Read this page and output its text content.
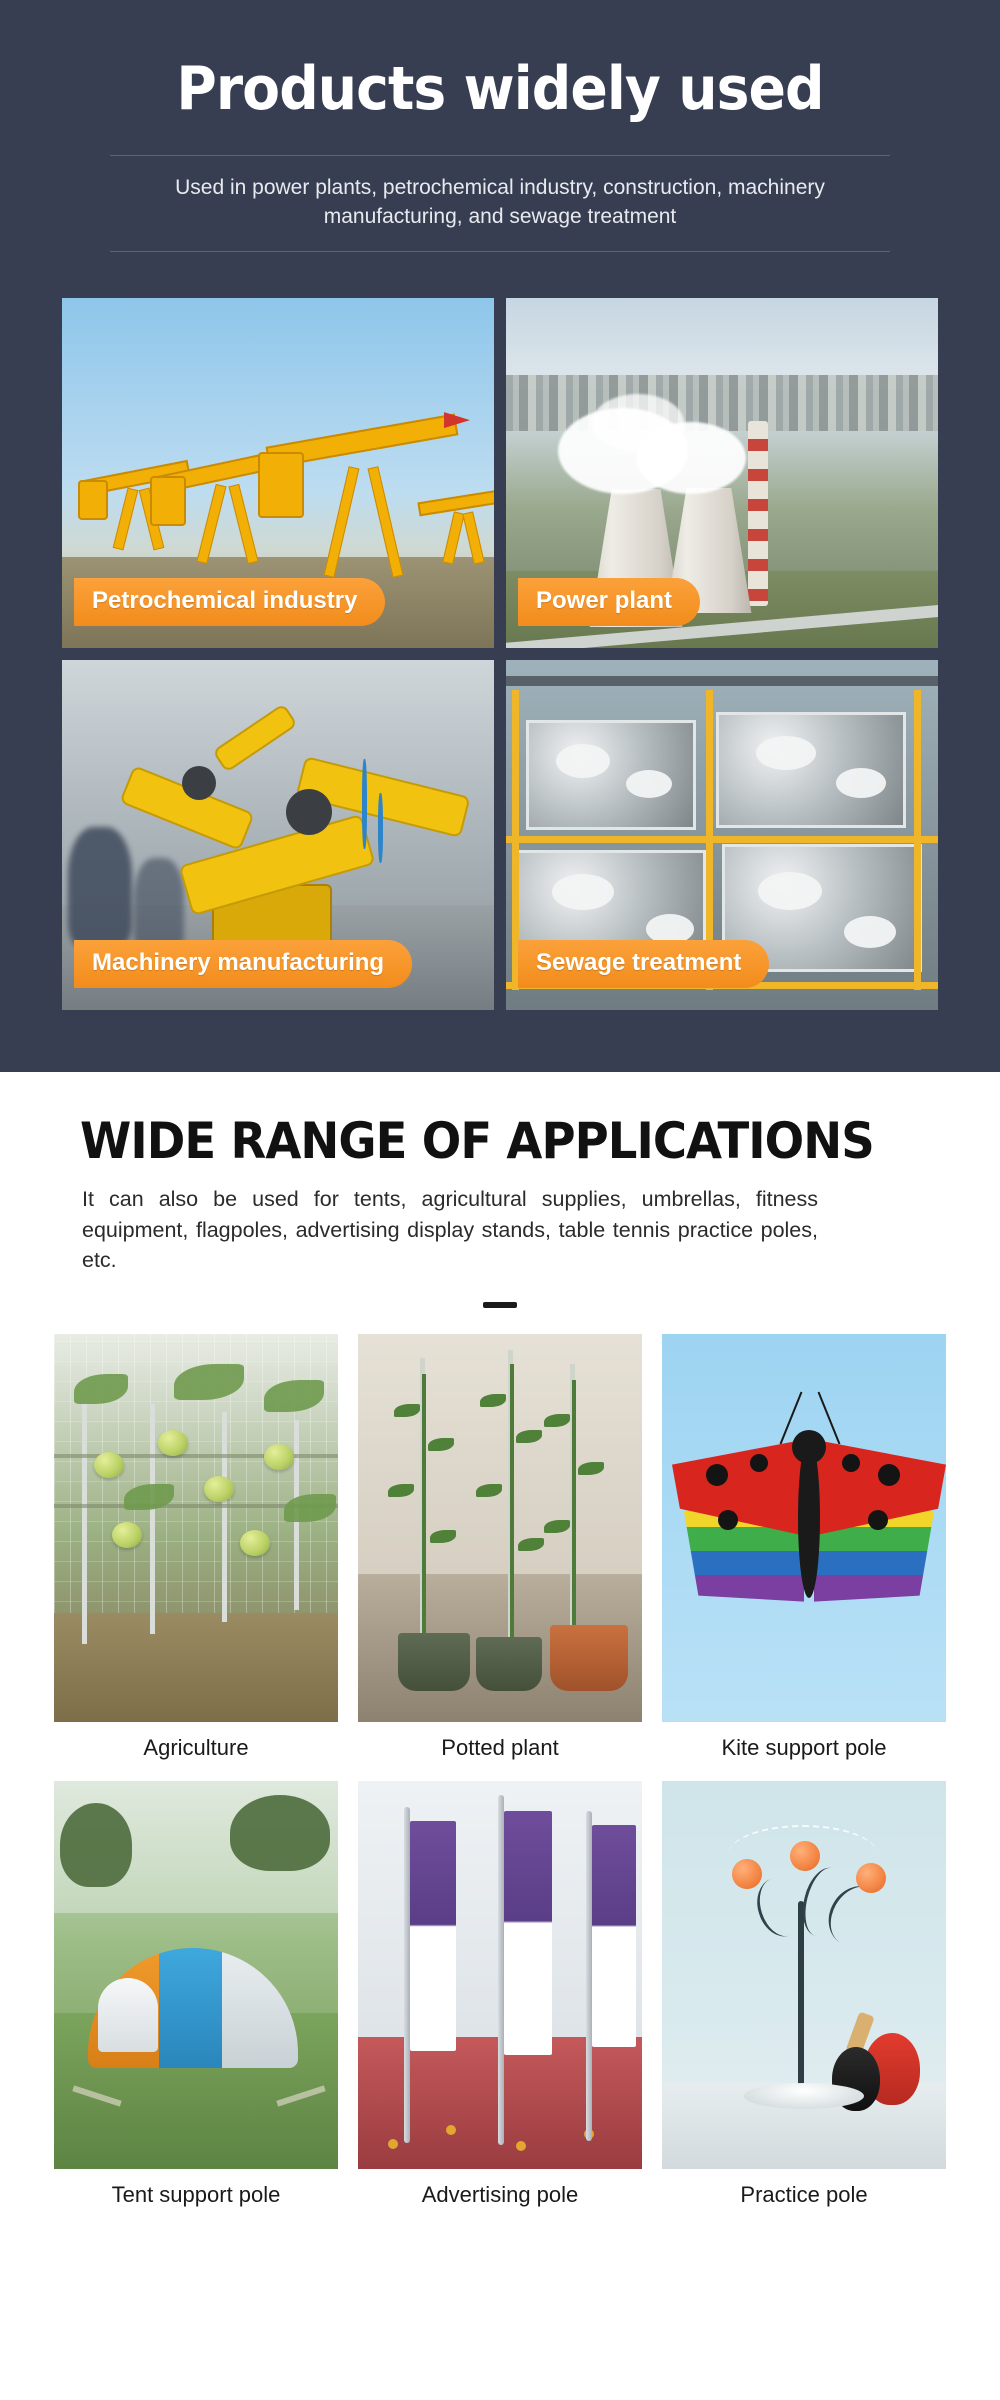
Products widely used

Used in power plants, petrochemical industry, construction, machinery manufacturing, and sewage treatment

Petrochemical industry	Power plant
Machinery manufacturing	Sewage treatment
WIDE RANGE OF APPLICATIONS

It can also be used for tents, agricultural supplies, umbrellas, fitness equipment, flagpoles, advertising display stands, table tennis practice poles, etc.

Agriculture	Potted plant	Kite support pole
Tent support pole	Advertising pole	Practice pole
